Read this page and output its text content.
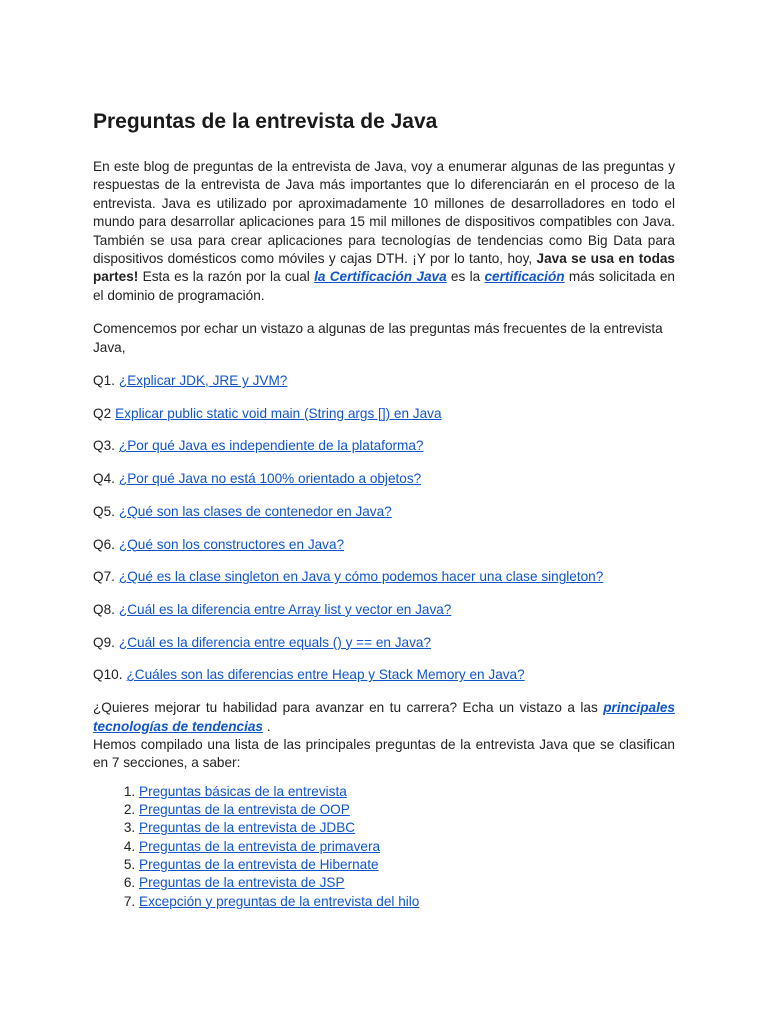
Preguntas de la entrevista de Java

En este blog de preguntas de la entrevista de Java, voy a enumerar algunas de las preguntas y respuestas de la entrevista de Java más importantes que lo diferenciarán en el proceso de la entrevista. Java es utilizado por aproximadamente 10 millones de desarrolladores en todo el mundo para desarrollar aplicaciones para 15 mil millones de dispositivos compatibles con Java. También se usa para crear aplicaciones para tecnologías de tendencias como Big Data para dispositivos domésticos como móviles y cajas DTH. ¡Y por lo tanto, hoy, Java se usa en todas partes! Esta es la razón por la cual la Certificación Java es la certificación más solicitada en el dominio de programación.

Comencemos por echar un vistazo a algunas de las preguntas más frecuentes de la entrevista Java,

Q1. ¿Explicar JDK, JRE y JVM?

Q2 Explicar public static void main (String args []) en Java

Q3. ¿Por qué Java es independiente de la plataforma?

Q4. ¿Por qué Java no está 100% orientado a objetos?

Q5. ¿Qué son las clases de contenedor en Java?

Q6. ¿Qué son los constructores en Java?

Q7. ¿Qué es la clase singleton en Java y cómo podemos hacer una clase singleton?

Q8. ¿Cuál es la diferencia entre Array list y vector en Java?

Q9. ¿Cuál es la diferencia entre equals () y == en Java?

Q10. ¿Cuáles son las diferencias entre Heap y Stack Memory en Java?

¿Quieres mejorar tu habilidad para avanzar en tu carrera? Echa un vistazo a las principales tecnologías de tendencias .

Hemos compilado una lista de las principales preguntas de la entrevista Java que se clasifican en 7 secciones, a saber:

1. Preguntas básicas de la entrevista
2. Preguntas de la entrevista de OOP
3. Preguntas de la entrevista de JDBC
4. Preguntas de la entrevista de primavera
5. Preguntas de la entrevista de Hibernate
6. Preguntas de la entrevista de JSP
7. Excepción y preguntas de la entrevista del hilo
